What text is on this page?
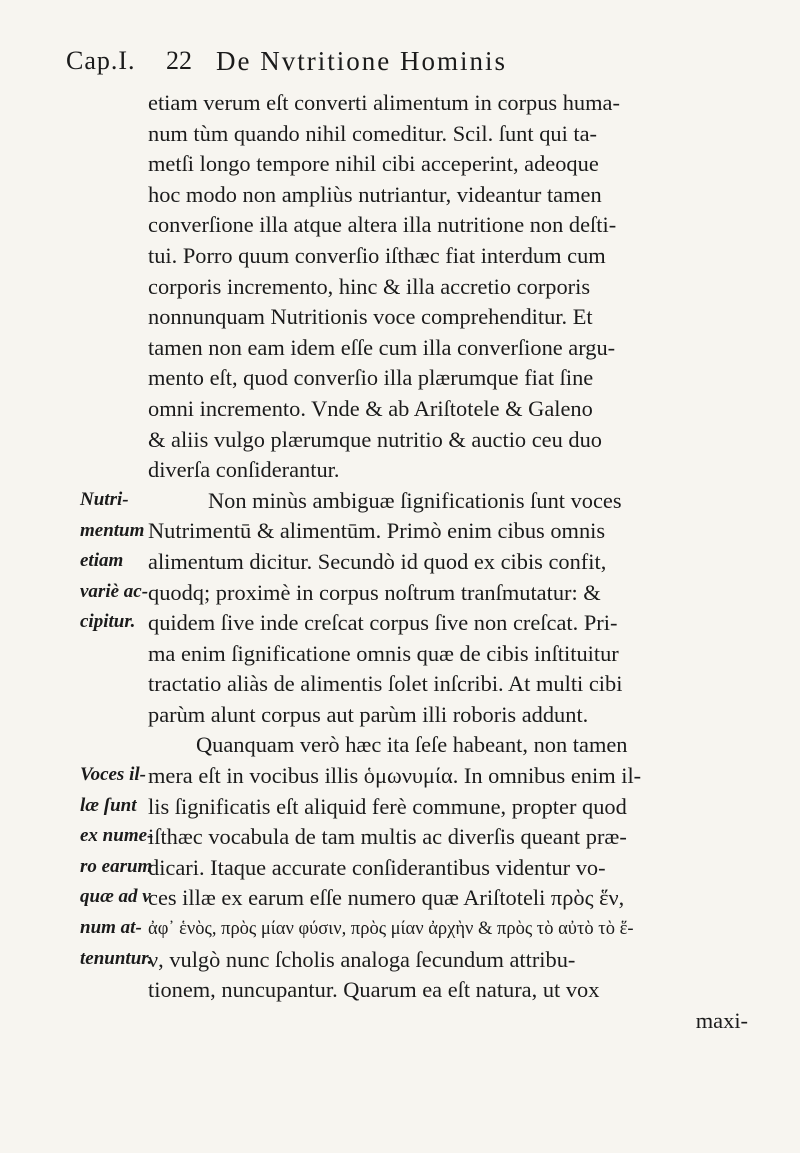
Cap.I. 22 De Nvtritione Hominis
etiam verum eſt converti alimentum in corpus huma-
num tùm quando nihil comeditur. Scil. ſunt qui ta-
metſi longo tempore nihil cibi acceperint, adeoque
hoc modo non ampliùs nutriantur, videantur tamen
converſione illa atque altera illa nutritione non deſti-
tui. Porro quum converſio iſthæc fiat interdum cum
corporis incremento, hinc & illa accretio corporis
nonnunquam Nutritionis voce comprehenditur. Et
tamen non eam idem eſſe cum illa converſione argu-
mento eſt, quod converſio illa plærumque fiat ſine
omni incremento. Vnde & ab Ariſtotele & Galeno
& aliis vulgo plærumque nutritio & auctio ceu duo
diverſa conſiderantur.
Non minùs ambiguæ ſignificationis ſunt voces
Nutrimentū & alimentūm. Primò enim cibus omnis
alimentum dicitur. Secundò id quod ex cibis confit,
quodq; proximè in corpus noſtrum tranſmutatur: &
quidem ſive inde creſcat corpus ſive non creſcat. Pri-
ma enim ſignificatione omnis quæ de cibis inſtituitur
tractatio aliàs de alimentis ſolet inſcribi. At multi cibi
parùm alunt corpus aut parùm illi roboris addunt.
Quanquam verò hæc ita ſeſe habeant, non tamen
mera eſt in vocibus illis ὁμωνυμία. In omnibus enim il-
lis ſignificatis eſt aliquid ferè commune, propter quod
iſthæc vocabula de tam multis ac diverſis queant præ-
dicari. Itaque accurate conſiderantibus videntur vo-
ces illæ ex earum eſſe numero quæ Ariſtoteli πρὸς ἕν,
ἀφ᾽ ἑνὸς, πρὸς μίαν φύσιν, πρὸς μίαν ἀρχὴν & πρὸς τὸ αὐτὸ τὸ ἕ-
ν, vulgò nunc ſcholis analoga ſecundum attribu-
tionem, nuncupantur. Quarum ea eſt natura, ut vox
maxi-
Nutri-
mentum
etiam
variè ac-
cipitur.
Voces il-
læ ſunt
ex nume-
ro earum
quæ ad v
num at-
tenuntur.
